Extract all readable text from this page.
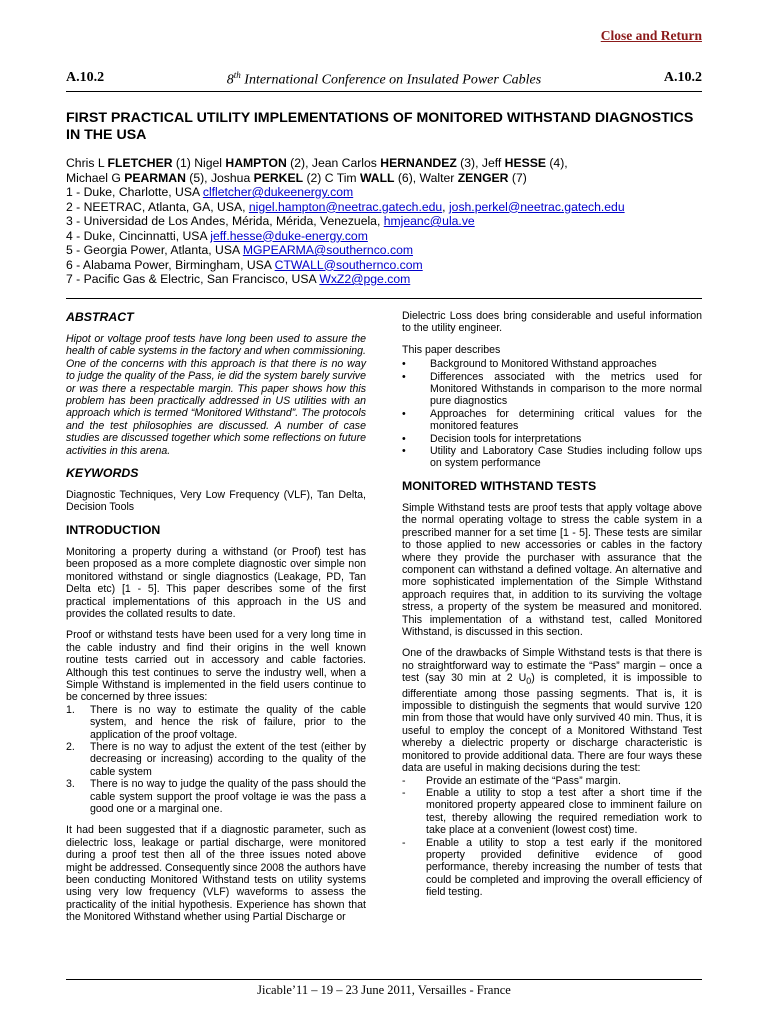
Close and Return
A.10.2	8th International Conference on Insulated Power Cables	A.10.2
FIRST PRACTICAL UTILITY IMPLEMENTATIONS OF MONITORED WITHSTAND DIAGNOSTICS IN THE USA
Chris L FLETCHER (1) Nigel HAMPTON (2), Jean Carlos HERNANDEZ (3), Jeff HESSE (4),
Michael G PEARMAN (5), Joshua PERKEL (2) C Tim WALL (6), Walter ZENGER (7)
1 - Duke, Charlotte, USA clfletcher@dukeenergy.com
2 - NEETRAC, Atlanta, GA, USA, nigel.hampton@neetrac.gatech.edu, josh.perkel@neetrac.gatech.edu
3 - Universidad de Los Andes, Mérida, Mérida, Venezuela, hmjeanc@ula.ve
4 - Duke, Cincinnatti, USA jeff.hesse@duke-energy.com
5 - Georgia Power, Atlanta, USA MGPEARMA@southernco.com
6 - Alabama Power, Birmingham, USA CTWALL@southernco.com
7 - Pacific Gas & Electric, San Francisco, USA WxZ2@pge.com
ABSTRACT

Hipot or voltage proof tests have long been used to assure the health of cable systems in the factory and when commissioning. One of the concerns with this approach is that there is no way to judge the quality of the Pass, ie did the system barely survive or was there a respectable margin. This paper shows how this problem has been practically addressed in US utilities with an approach which is termed “Monitored Withstand”. The protocols and the test philosophies are discussed. A number of case studies are discussed together which some reflections on future activities in this arena.

KEYWORDS

Diagnostic Techniques, Very Low Frequency (VLF), Tan Delta, Decision Tools

INTRODUCTION

Monitoring a property during a withstand (or Proof) test has been proposed as a more complete diagnostic over simple non monitored withstand or single diagnostics (Leakage, PD, Tan Delta etc) [1 - 5]. This paper describes some of the first practical implementations of this approach in the US and provides the collated results to date.

Proof or withstand tests have been used for a very long time in the cable industry and find their origins in the well known routine tests carried out in accessory and cable factories. Although this test continues to serve the industry well, when a Simple Withstand is implemented in the field users continue to be concerned by three issues:

1. There is no way to estimate the quality of the cable system, and hence the risk of failure, prior to the application of the proof voltage.
2. There is no way to adjust the extent of the test (either by decreasing or increasing) according to the quality of the cable system
3. There is no way to judge the quality of the pass should the cable system support the proof voltage ie was the pass a good one or a marginal one.

It had been suggested that if a diagnostic parameter, such as dielectric loss, leakage or partial discharge, were monitored during a proof test then all of the three issues noted above might be addressed. Consequently since 2008 the authors have been conducting Monitored Withstand tests on utility systems using very low frequency (VLF) waveforms to assess the practicality of the initial hypothesis. Experience has shown that the Monitored Withstand whether using Partial Discharge or

Dielectric Loss does bring considerable and useful information to the utility engineer.

This paper describes

• Background to Monitored Withstand approaches
• Differences associated with the metrics used for Monitored Withstands in comparison to the more normal pure diagnostics
• Approaches for determining critical values for the monitored features
• Decision tools for interpretations
• Utility and Laboratory Case Studies including follow ups on system performance
MONITORED WITHSTAND TESTS

Simple Withstand tests are proof tests that apply voltage above the normal operating voltage to stress the cable system in a prescribed manner for a set time [1 - 5]. These tests are similar to those applied to new accessories or cables in the factory where they provide the purchaser with assurance that the component can withstand a defined voltage. An alternative and more sophisticated implementation of the Simple Withstand approach requires that, in addition to its surviving the voltage stress, a property of the system be measured and monitored. This implementation of a withstand test, called Monitored Withstand, is discussed in this section.

One of the drawbacks of Simple Withstand tests is that there is no straightforward way to estimate the “Pass” margin – once a test (say 30 min at 2 $U_0$) is completed, it is impossible to differentiate among those passing segments. That is, it is impossible to distinguish the segments that would survive 120 min from those that would have only survived 40 min. Thus, it is useful to employ the concept of a Monitored Withstand Test whereby a dielectric property or discharge characteristic is monitored to provide additional data. There are four ways these data are useful in making decisions during the test:

- Provide an estimate of the “Pass” margin.
- Enable a utility to stop a test after a short time if the monitored property appeared close to imminent failure on test, thereby allowing the required remediation work to take place at a convenient (lowest cost) time.
- Enable a utility to stop a test early if the monitored property provided definitive evidence of good performance, thereby increasing the number of tests that could be completed and improving the overall efficiency of field testing.
Jicable’11 – 19 – 23 June 2011, Versailles - France
